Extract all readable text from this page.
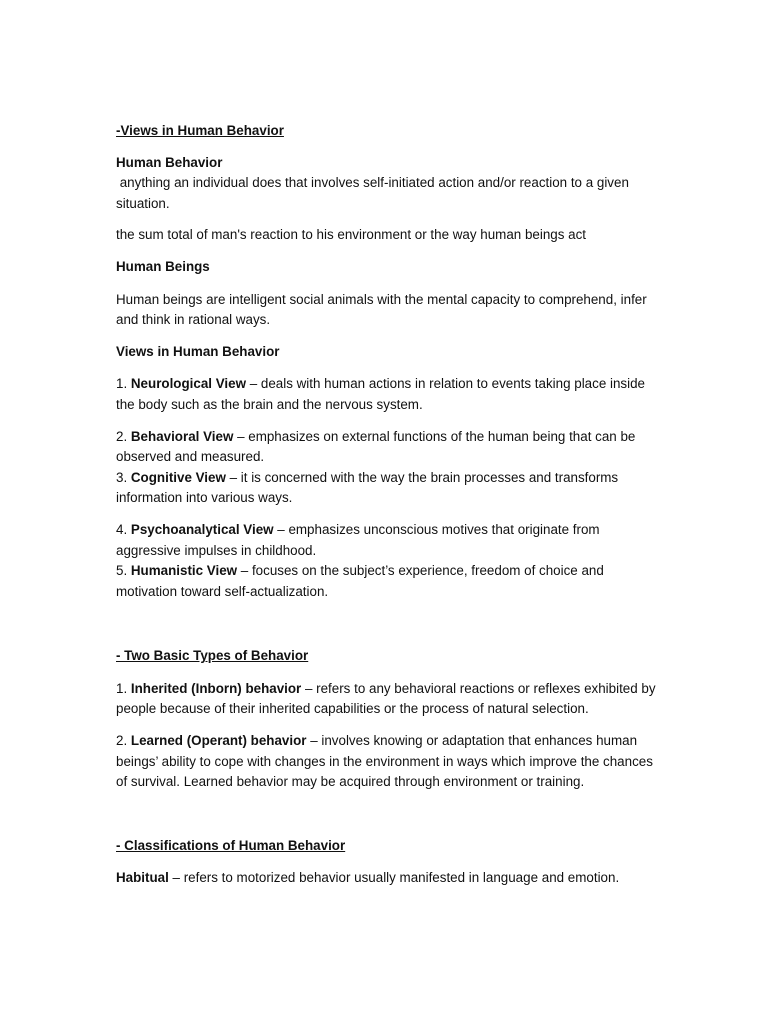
-Views in Human Behavior

Human Behavior

anything an individual does that involves self-initiated action and/or reaction to a given situation.

the sum total of man's reaction to his environment or the way human beings act

Human Beings

Human beings are intelligent social animals with the mental capacity to comprehend, infer and think in rational ways.

Views in Human Behavior

1. Neurological View – deals with human actions in relation to events taking place inside the body such as the brain and the nervous system.

2. Behavioral View – emphasizes on external functions of the human being that can be observed and measured.

3. Cognitive View – it is concerned with the way the brain processes and transforms information into various ways.

4. Psychoanalytical View – emphasizes unconscious motives that originate from aggressive impulses in childhood.

5. Humanistic View – focuses on the subject’s experience, freedom of choice and motivation toward self-actualization.

- Two Basic Types of Behavior

1. Inherited (Inborn) behavior – refers to any behavioral reactions or reflexes exhibited by people because of their inherited capabilities or the process of natural selection.

2. Learned (Operant) behavior – involves knowing or adaptation that enhances human beings’ ability to cope with changes in the environment in ways which improve the chances of survival. Learned behavior may be acquired through environment or training.

- Classifications of Human Behavior

Habitual – refers to motorized behavior usually manifested in language and emotion.
